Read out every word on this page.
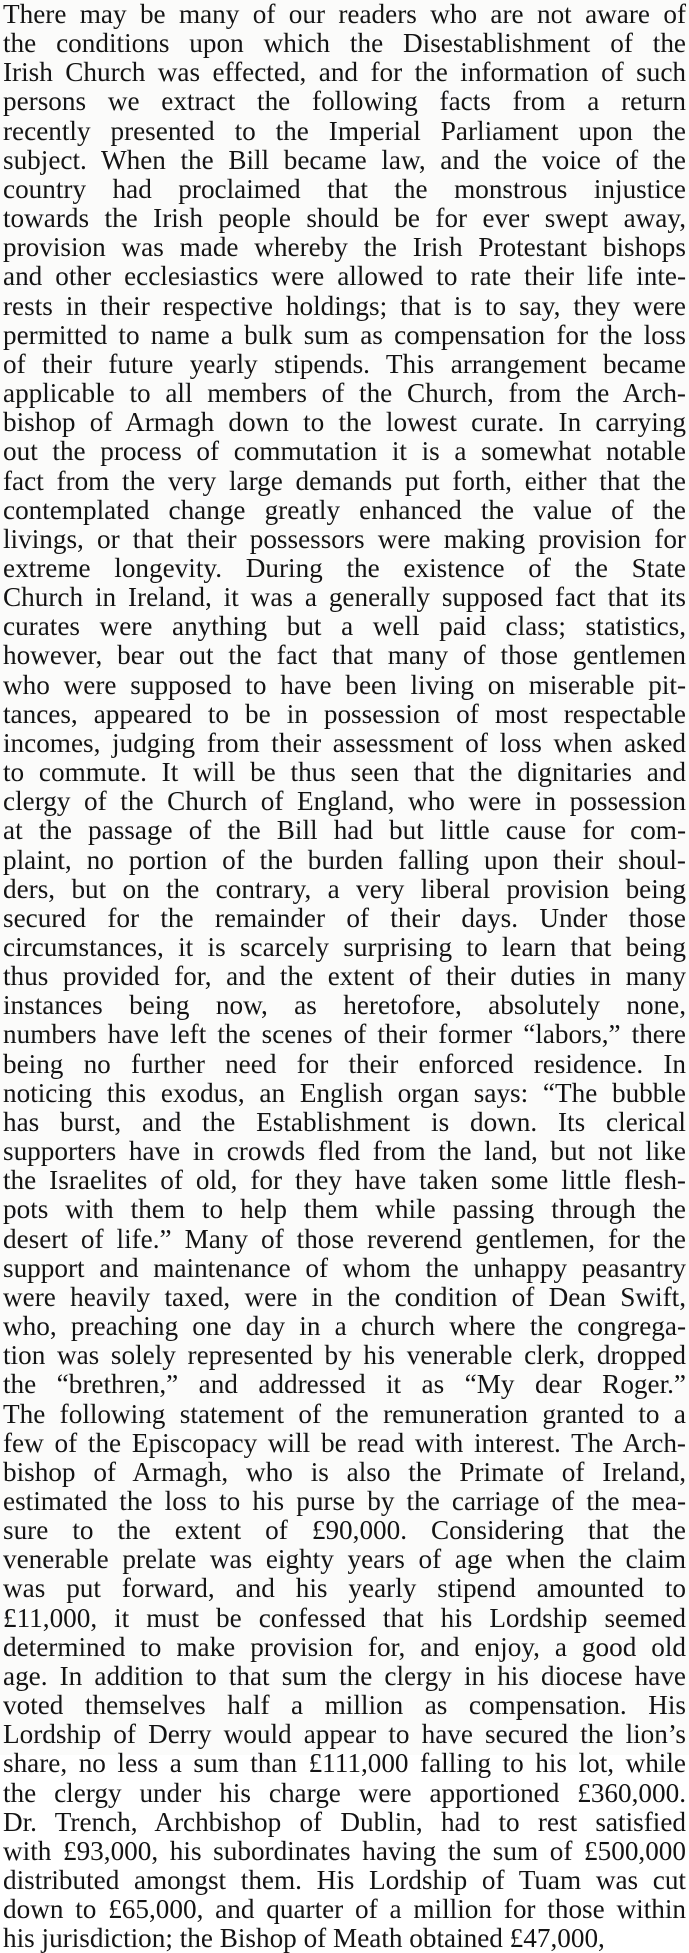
There may be many of our readers who are not aware of
the conditions upon which the Disestablishment of the
Irish Church was effected, and for the information of such
persons we extract the following facts from a return
recently presented to the Imperial Parliament upon the
subject. When the Bill became law, and the voice of the
country had proclaimed that the monstrous injustice
towards the Irish people should be for ever swept away,
provision was made whereby the Irish Protestant bishops
and other ecclesiastics were allowed to rate their life inte-
rests in their respective holdings; that is to say, they were
permitted to name a bulk sum as compensation for the loss
of their future yearly stipends. This arrangement became
applicable to all members of the Church, from the Arch-
bishop of Armagh down to the lowest curate. In carrying
out the process of commutation it is a somewhat notable
fact from the very large demands put forth, either that the
contemplated change greatly enhanced the value of the
livings, or that their possessors were making provision for
extreme longevity. During the existence of the State
Church in Ireland, it was a generally supposed fact that its
curates were anything but a well paid class; statistics,
however, bear out the fact that many of those gentlemen
who were supposed to have been living on miserable pit-
tances, appeared to be in possession of most respectable
incomes, judging from their assessment of loss when asked
to commute. It will be thus seen that the dignitaries and
clergy of the Church of England, who were in possession
at the passage of the Bill had but little cause for com-
plaint, no portion of the burden falling upon their shoul-
ders, but on the contrary, a very liberal provision being
secured for the remainder of their days. Under those
circumstances, it is scarcely surprising to learn that being
thus provided for, and the extent of their duties in many
instances being now, as heretofore, absolutely none,
numbers have left the scenes of their former “labors,” there
being no further need for their enforced residence. In
noticing this exodus, an English organ says: “The bubble
has burst, and the Establishment is down. Its clerical
supporters have in crowds fled from the land, but not like
the Israelites of old, for they have taken some little flesh-
pots with them to help them while passing through the
desert of life.” Many of those reverend gentlemen, for the
support and maintenance of whom the unhappy peasantry
were heavily taxed, were in the condition of Dean Swift,
who, preaching one day in a church where the congrega-
tion was solely represented by his venerable clerk, dropped
the “brethren,” and addressed it as “My dear Roger.”
The following statement of the remuneration granted to a
few of the Episcopacy will be read with interest. The Arch-
bishop of Armagh, who is also the Primate of Ireland,
estimated the loss to his purse by the carriage of the mea-
sure to the extent of £90,000. Considering that the
venerable prelate was eighty years of age when the claim
was put forward, and his yearly stipend amounted to
£11,000, it must be confessed that his Lordship seemed
determined to make provision for, and enjoy, a good old
age. In addition to that sum the clergy in his diocese have
voted themselves half a million as compensation. His
Lordship of Derry would appear to have secured the lion’s
share, no less a sum than £111,000 falling to his lot, while
the clergy under his charge were apportioned £360,000.
Dr. Trench, Archbishop of Dublin, had to rest satisfied
with £93,000, his subordinates having the sum of £500,000
distributed amongst them. His Lordship of Tuam was cut
down to £65,000, and quarter of a million for those within
his jurisdiction; the Bishop of Meath obtained £47,000,
